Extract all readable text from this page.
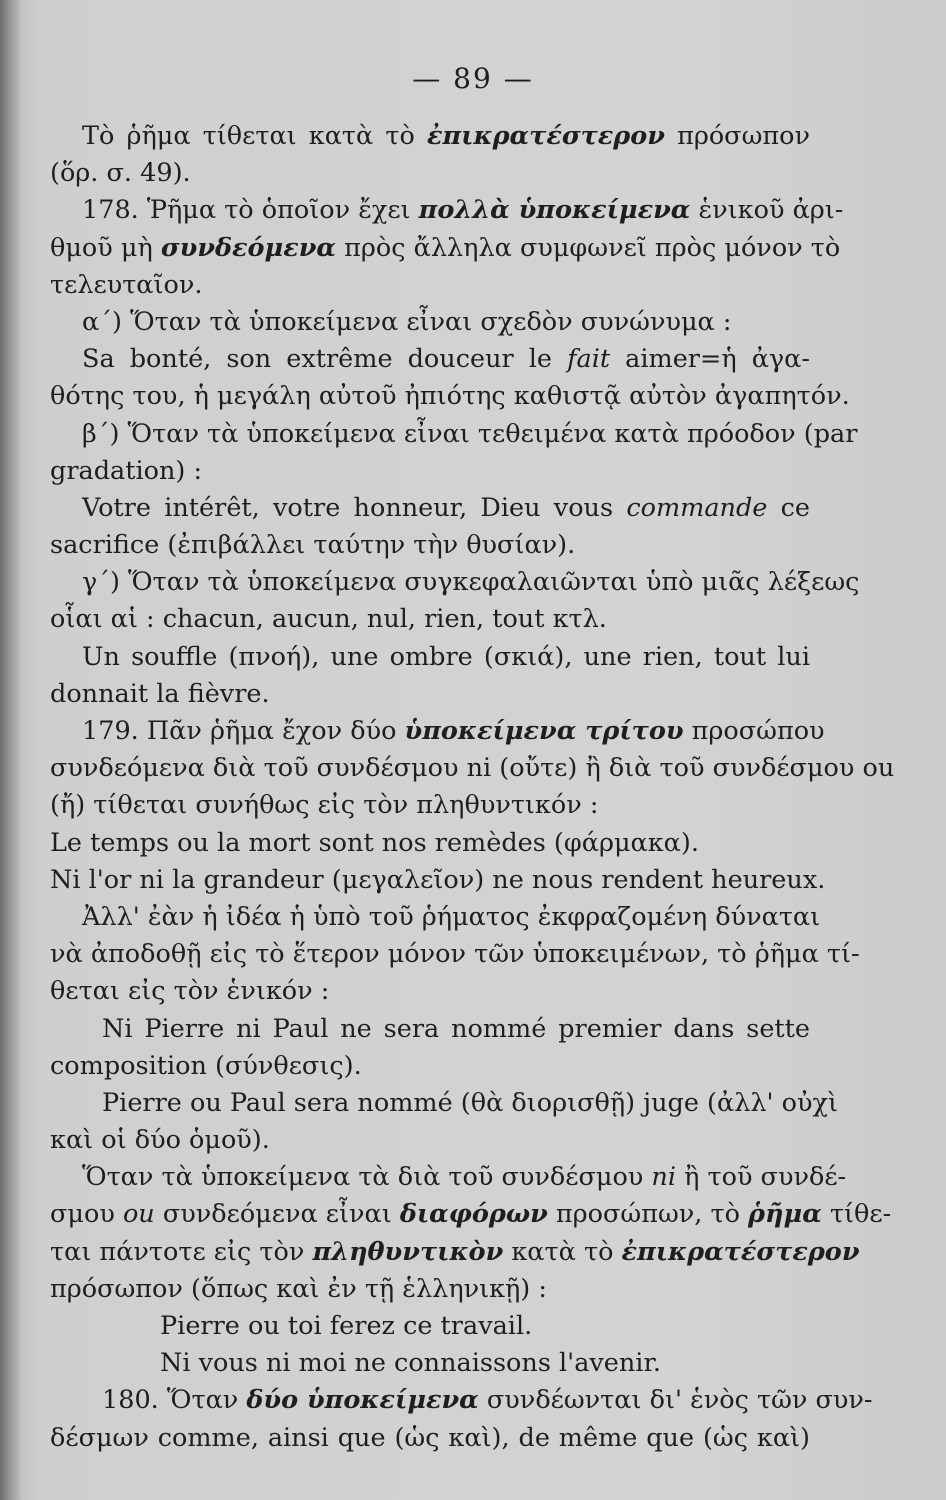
— 89 —
Τὸ ῥῆμα τίθεται κατὰ τὸ ἐπικρατέστερον πρόσωπον
(ὅρ. σ. 49).
178. Ῥῆμα τὸ ὁποῖον ἔχει πολλὰ ὑποκείμενα ἑνικοῦ ἀρι-
θμοῦ μὴ συνδεόμενα πρὸς ἄλληλα συμφωνεῖ πρὸς μόνον τὸ
τελευταῖον.
α΄) Ὅταν τὰ ὑποκείμενα εἶναι σχεδὸν συνώνυμα :
Sa bonté, son extrême douceur le fait aimer=ἡ ἀγα-
θότης του, ἡ μεγάλη αὐτοῦ ἠπιότης καθιστᾷ αὐτὸν ἀγαπητόν.
β΄) Ὅταν τὰ ὑποκείμενα εἶναι τεθειμένα κατὰ πρόοδον (par
gradation) :
Votre intérêt, votre honneur, Dieu vous commande ce
sacrifice (ἐπιβάλλει ταύτην τὴν θυσίαν).
γ΄) Ὅταν τὰ ὑποκείμενα συγκεφαλαιῶνται ὑπὸ μιᾶς λέξεως
οἷαι αἱ : chacun, aucun, nul, rien, tout κτλ.
Un souffle (πνοή), une ombre (σκιά), une rien, tout lui
donnait la fièvre.
179. Πᾶν ῥῆμα ἔχον δύο ὑποκείμενα τρίτου προσώπου
συνδεόμενα διὰ τοῦ συνδέσμου ni (οὔτε) ἢ διὰ τοῦ συνδέσμου ou
(ἤ) τίθεται συνήθως εἰς τὸν πληθυντικόν :
Le temps ou la mort sont nos remèdes (φάρμακα).
Ni l'or ni la grandeur (μεγαλεῖον) ne nous rendent heureux.
Ἀλλ' ἐὰν ἡ ἰδέα ἡ ὑπὸ τοῦ ῥήματος ἐκφραζομένη δύναται
νὰ ἀποδοθῇ εἰς τὸ ἕτερον μόνον τῶν ὑποκειμένων, τὸ ῥῆμα τί-
θεται εἰς τὸν ἑνικόν :
Ni Pierre ni Paul ne sera nommé premier dans sette
composition (σύνθεσις).
Pierre ou Paul sera nommé (θὰ διορισθῇ) juge (ἀλλ' οὐχὶ
καὶ οἱ δύο ὁμοῦ).
Ὅταν τὰ ὑποκείμενα τὰ διὰ τοῦ συνδέσμου ni ἢ τοῦ συνδέ-
σμου ou συνδεόμενα εἶναι διαφόρων προσώπων, τὸ ῥῆμα τίθε-
ται πάντοτε εἰς τὸν πληθυντικὸν κατὰ τὸ ἐπικρατέστερον
πρόσωπον (ὅπως καὶ ἐν τῇ ἑλληνικῇ) :
Pierre ou toi ferez ce travail.
Ni vous ni moi ne connaissons l'avenir.
180. Ὅταν δύο ὑποκείμενα συνδέωνται δι' ἑνὸς τῶν συν-
δέσμων comme, ainsi que (ὡς καὶ), de même que (ὡς καὶ)
